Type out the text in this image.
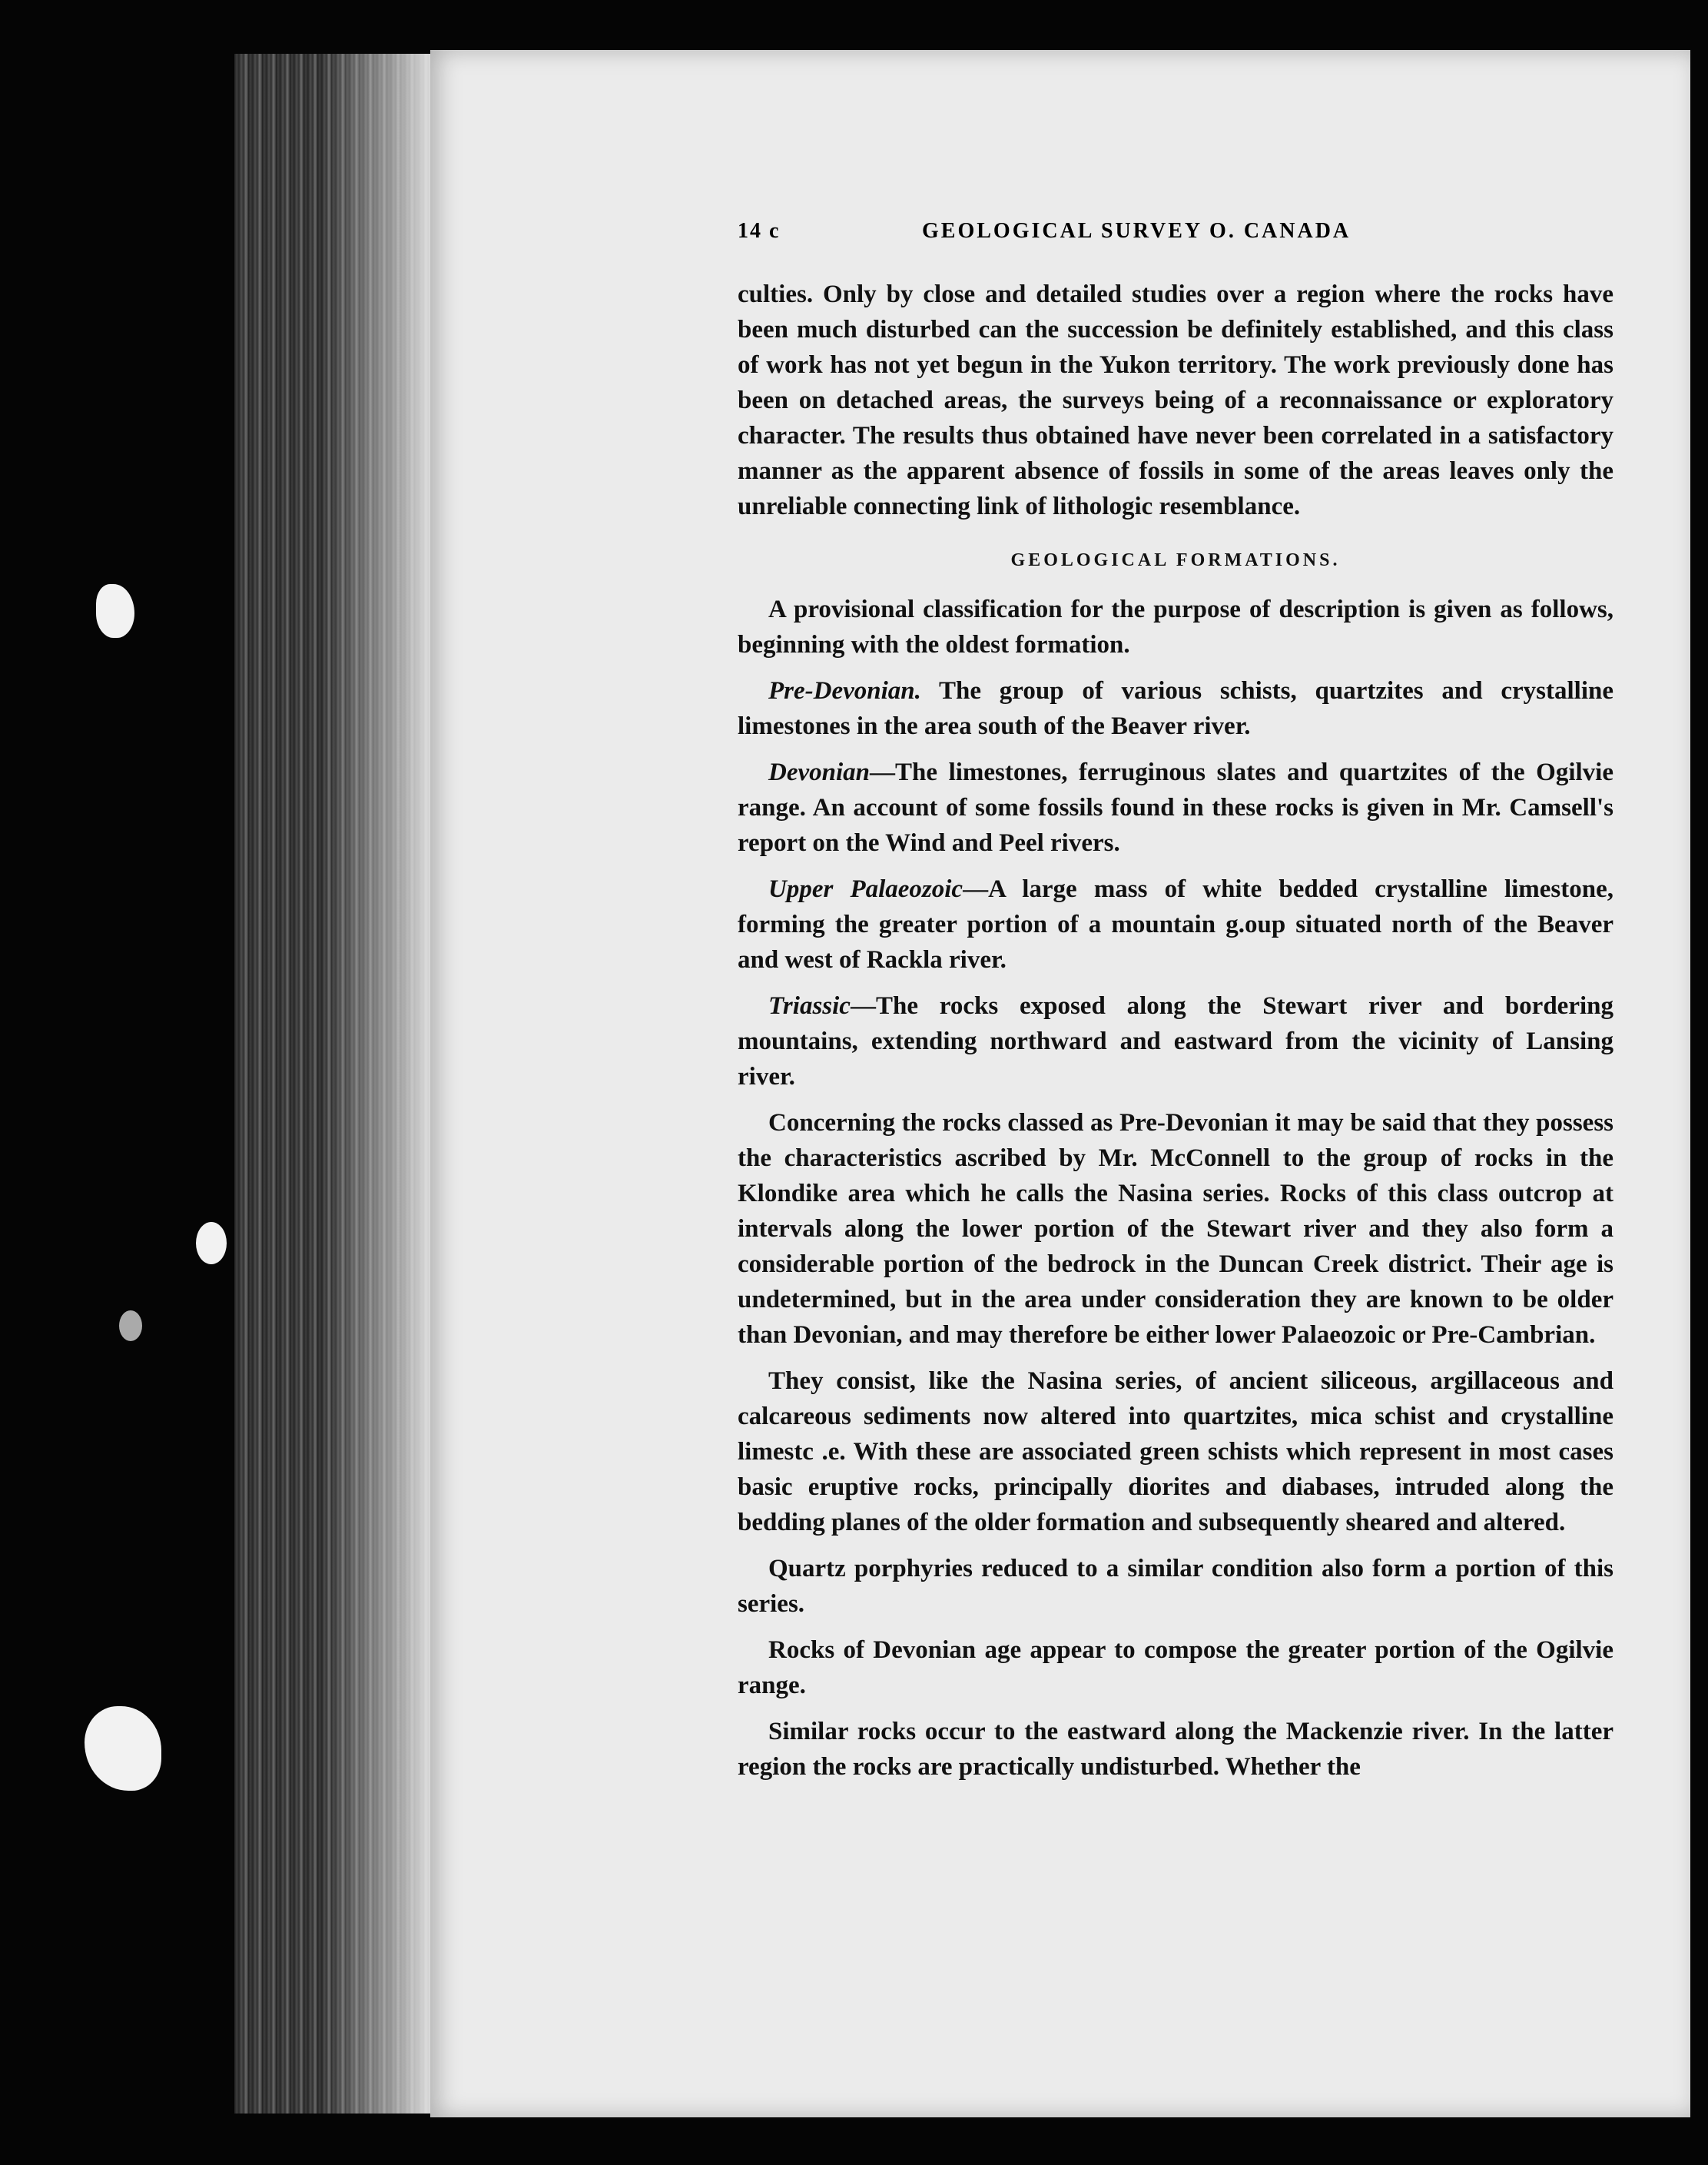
14 c	GEOLOGICAL SURVEY O. CANADA

culties. Only by close and detailed studies over a region where the rocks have been much disturbed can the succession be definitely established, and this class of work has not yet begun in the Yukon territory. The work previously done has been on detached areas, the surveys being of a reconnaissance or exploratory character. The results thus obtained have never been correlated in a satisfactory manner as the apparent absence of fossils in some of the areas leaves only the unreliable connecting link of lithologic resemblance.

GEOLOGICAL FORMATIONS.

A provisional classification for the purpose of description is given as follows, beginning with the oldest formation.

Pre-Devonian. The group of various schists, quartzites and crystalline limestones in the area south of the Beaver river.

Devonian—The limestones, ferruginous slates and quartzites of the Ogilvie range. An account of some fossils found in these rocks is given in Mr. Camsell's report on the Wind and Peel rivers.

Upper Palaeozoic—A large mass of white bedded crystalline limestone, forming the greater portion of a mountain g.oup situated north of the Beaver and west of Rackla river.

Triassic—The rocks exposed along the Stewart river and bordering mountains, extending northward and eastward from the vicinity of Lansing river.

Concerning the rocks classed as Pre-Devonian it may be said that they possess the characteristics ascribed by Mr. McConnell to the group of rocks in the Klondike area which he calls the Nasina series. Rocks of this class outcrop at intervals along the lower portion of the Stewart river and they also form a considerable portion of the bedrock in the Duncan Creek district. Their age is undetermined, but in the area under consideration they are known to be older than Devonian, and may therefore be either lower Palaeozoic or Pre-Cambrian.

They consist, like the Nasina series, of ancient siliceous, argillaceous and calcareous sediments now altered into quartzites, mica schist and crystalline limestc .e. With these are associated green schists which represent in most cases basic eruptive rocks, principally diorites and diabases, intruded along the bedding planes of the older formation and subsequently sheared and altered.

Quartz porphyries reduced to a similar condition also form a portion of this series.

Rocks of Devonian age appear to compose the greater portion of the Ogilvie range.

Similar rocks occur to the eastward along the Mackenzie river. In the latter region the rocks are practically undisturbed. Whether the
